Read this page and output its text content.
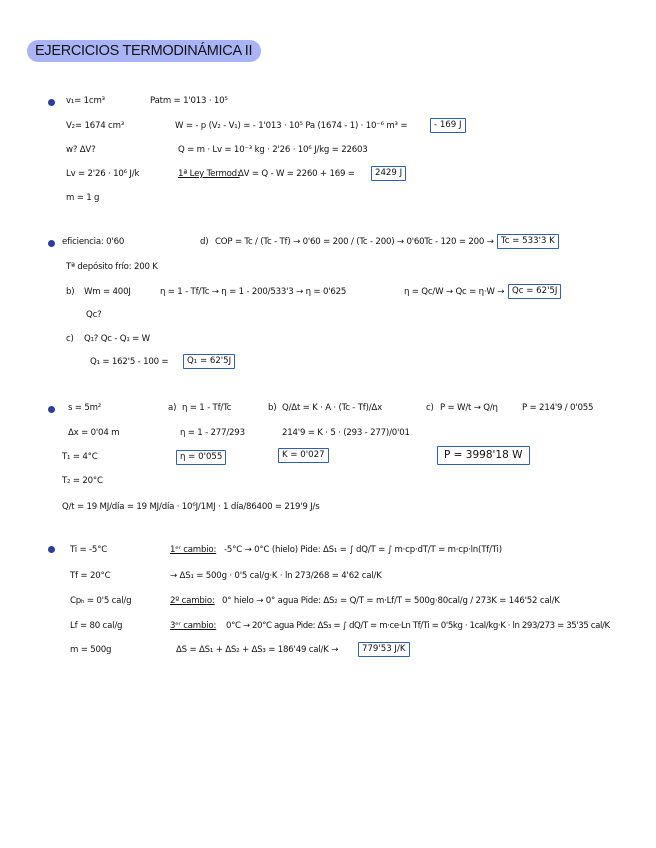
EJERCICIOS TERMODINÁMICA II
v₁= 1cm³	Patm = 1'013 · 10⁵
V₂= 1674 cm³	W = - p (V₂ - V₁) = - 1'013 · 10⁵ Pa (1674 - 1) · 10⁻⁶ m³ =	- 169 J
w? ΔV?	Q = m · Lv = 10⁻³ kg · 2'26 · 10⁶ J/kg = 22603
Lv = 2'26 · 10⁶ J/k	1ª Ley Termod:
ΔV = Q - W = 2260 + 169 =	2429 J
m = 1 g
eficiencia: 0'60	d) COP = Tc / (Tc - Tf) → 0'60 = 200 / (Tc - 200) → 0'60Tc - 120 = 200 → Tc = 533'3 K
Tª depósito frío: 200 K
b) Wm = 400J	η = 1 - Tf/Tc → η = 1 - 200/533'3 → η = 0'625	η = Qc/W → Qc = η·W → Qc = 62'5J
Qc?
c) Q₁? Qc - Q₁ = W
Q₁ = 162'5 - 100 =	Q₁ = 62'5J
s = 5m²	a) η = 1 - Tf/Tc	b) Q/Δt = K · A · (Tc - Tf)/Δx	c) P = W/t → Q/η	P = 214'9 / 0'055
Δx = 0'04 m	η = 1 - 277/293	214'9 = K · 5 · (293 - 277)/0'01
T₁ = 4°C	η = 0'055	K = 0'027	P = 3998'18 W
T₂ = 20°C
Q/t = 19 MJ/día = 19 MJ/día · 10⁶J/1MJ · 1 día/86400 = 219'9 J/s
Ti = -5°C	1ᵉʳ cambio: -5°C → 0°C (hielo) Pide: ΔS₁ = ∫ dQ/T = ∫ m·cp·dT/T = m·cp·ln(Tf/Ti)
Tf = 20°C	→ ΔS₁ = 500g · 0'5 cal/g·K · ln 273/268 = 4'62 cal/K
Cpₕ = 0'5 cal/g	2º cambio: 0° hielo → 0° agua Pide: ΔS₂ = Q/T = m·Lf/T = 500g·80cal/g / 273K = 146'52 cal/K
Lf = 80 cal/g	3ᵉʳ cambio: 0°C → 20°C agua Pide: ΔS₃ = ∫ dQ/T = m·ce·Ln Tf/Ti = 0'5kg · 1cal/kg·K · ln 293/273 = 35'35 cal/K
m = 500g	ΔS = ΔS₁ + ΔS₂ + ΔS₃ = 186'49 cal/K →	779'53 J/K
